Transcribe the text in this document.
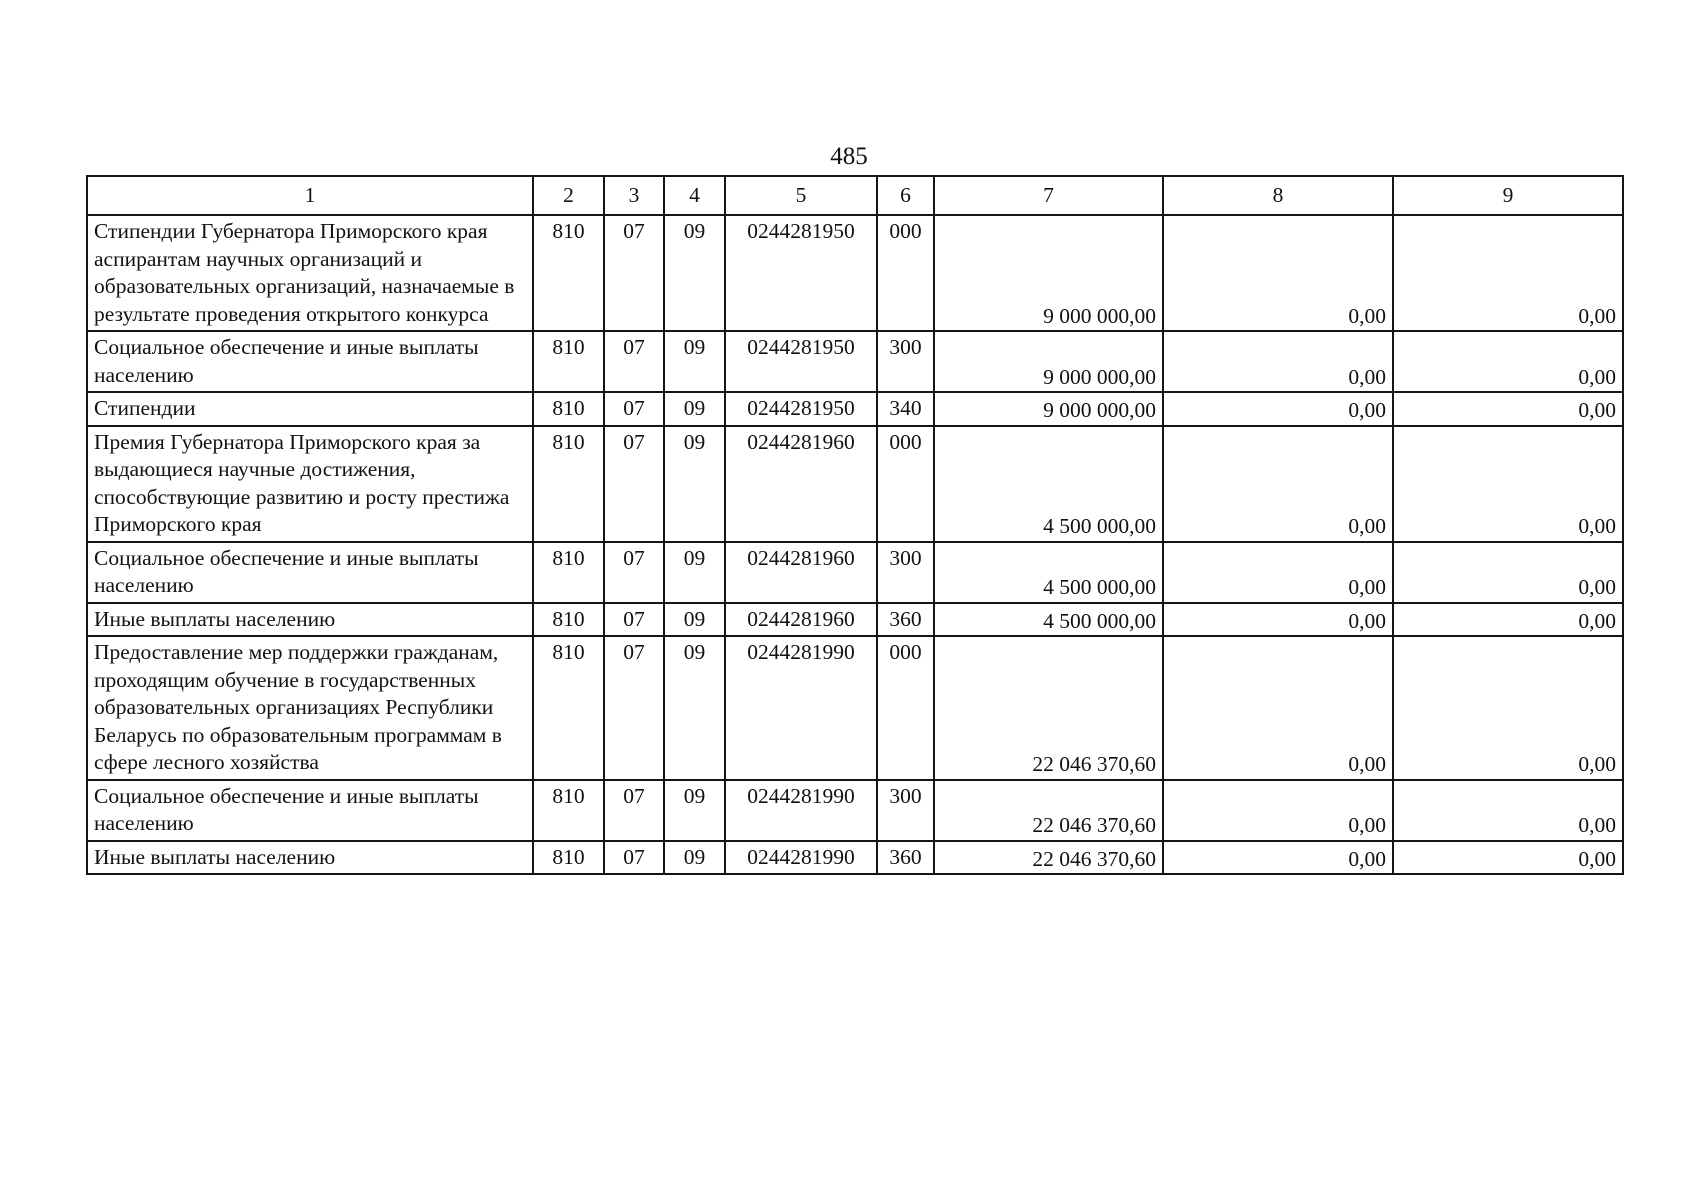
485
1	2	3	4	5	6	7	8	9
Стипендии Губернатора Приморского края аспирантам научных организаций и образовательных организаций, назначаемые в результате проведения открытого конкурса	810	07	09	0244281950	000	9 000 000,00	0,00	0,00
Социальное обеспечение и иные выплаты населению	810	07	09	0244281950	300	9 000 000,00	0,00	0,00
Стипендии	810	07	09	0244281950	340	9 000 000,00	0,00	0,00
Премия Губернатора Приморского края за выдающиеся научные достижения, способствующие развитию и росту престижа Приморского края	810	07	09	0244281960	000	4 500 000,00	0,00	0,00
Социальное обеспечение и иные выплаты населению	810	07	09	0244281960	300	4 500 000,00	0,00	0,00
Иные выплаты населению	810	07	09	0244281960	360	4 500 000,00	0,00	0,00
Предоставление мер поддержки гражданам, проходящим обучение в государственных образовательных организациях Республики Беларусь по образовательным программам в сфере лесного хозяйства	810	07	09	0244281990	000	22 046 370,60	0,00	0,00
Социальное обеспечение и иные выплаты населению	810	07	09	0244281990	300	22 046 370,60	0,00	0,00
Иные выплаты населению	810	07	09	0244281990	360	22 046 370,60	0,00	0,00
